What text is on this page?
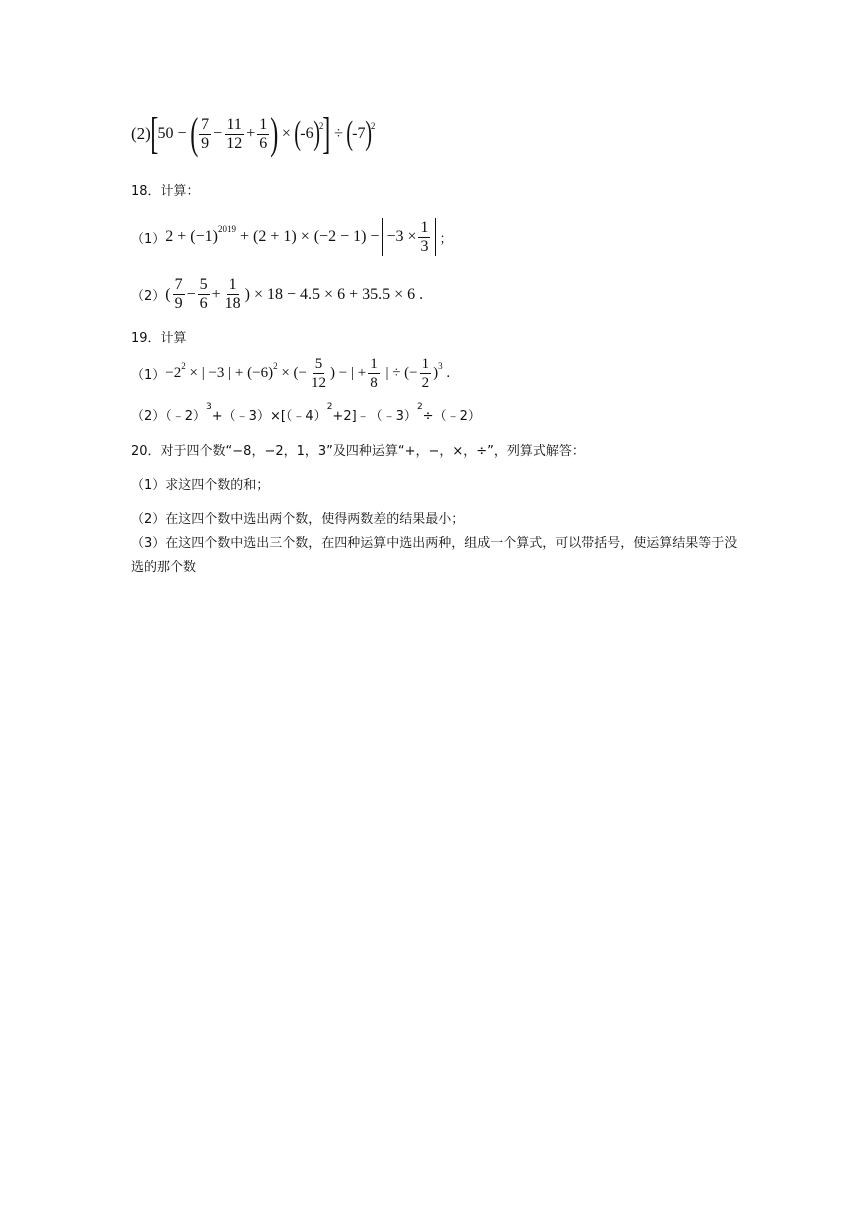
(2) [ 50 − ( $\frac{7}{9} - \frac{11}{12} + \frac{1}{6}$ ) × ( -6 )$^2$ ] ÷ ( -7 )$^2$
18．计算：
（1） $2 + (-1)^{2019} + (2 + 1) \times (-2 - 1) - -3 \times \frac{1}{3}$ ；
（2） ( $\frac{7}{9} - \frac{5}{6} + \frac{1}{18}$ ) × 18 − 4.5 × 6 + 35.5 × 6 .
19．计算
$(1) -2^2$ × | −3 | + $(-6)^2$ × (− $\frac{5}{12}$ ) − | + $\frac{1}{8}$ | ÷ (− $\frac{1}{2} )^3$ .
（2）（﹣2）
$^3$
+（﹣3）×[（﹣4）
$^2$
+2]﹣（﹣3）
$^2$
÷（﹣2）
20．对于四个数“−8，−2，1，3”及四种运算“+，−，×，÷”，列算式解答：
（1）求这四个数的和；
（2）在这四个数中选出两个数，使得两数差的结果最小；
（3）在这四个数中选出三个数，在四种运算中选出两种，组成一个算式，可以带括号，使运算结果等于没选的那个数
